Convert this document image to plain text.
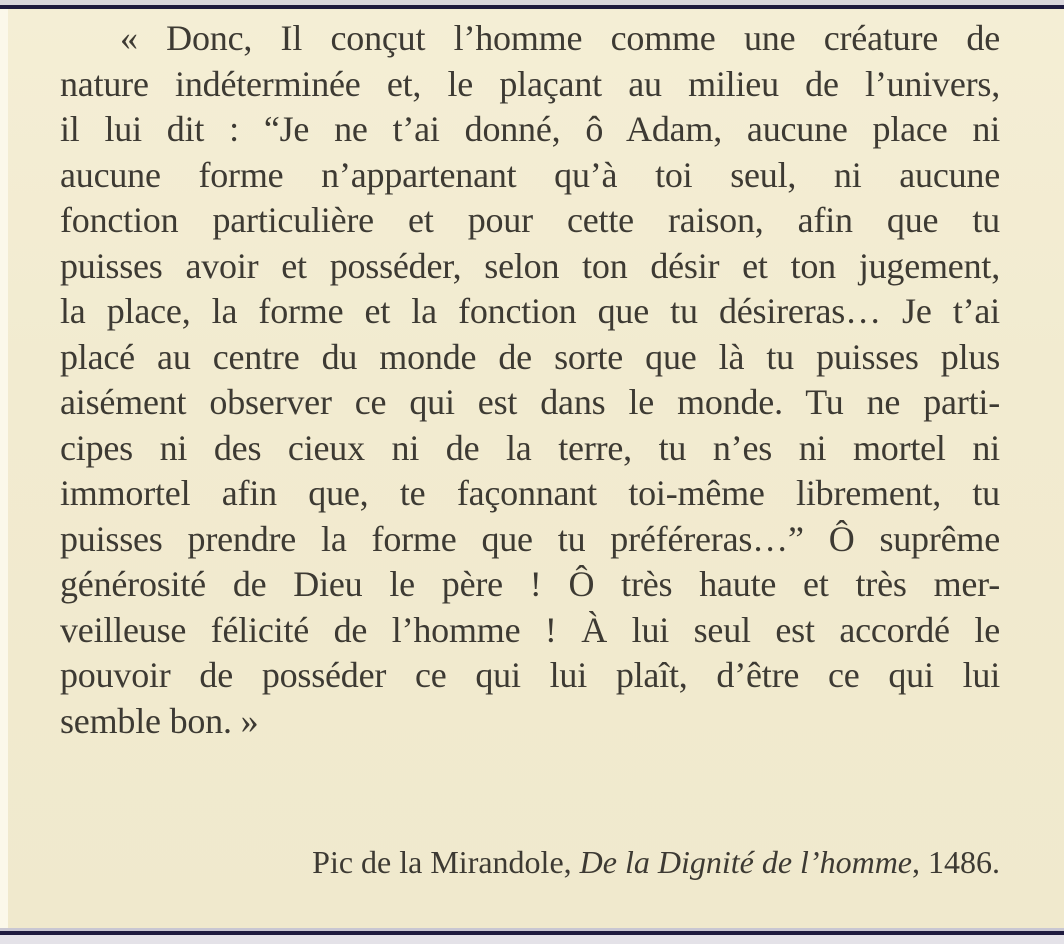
« Donc, Il conçut l’homme comme une créature de
nature indéterminée et, le plaçant au milieu de l’univers,
il lui dit : “Je ne t’ai donné, ô Adam, aucune place ni
aucune forme n’appartenant qu’à toi seul, ni aucune
fonction particulière et pour cette raison, afin que tu
puisses avoir et posséder, selon ton désir et ton jugement,
la place, la forme et la fonction que tu désireras… Je t’ai
placé au centre du monde de sorte que là tu puisses plus
aisément observer ce qui est dans le monde. Tu ne parti-
cipes ni des cieux ni de la terre, tu n’es ni mortel ni
immortel afin que, te façonnant toi-même librement, tu
puisses prendre la forme que tu préféreras…” Ô suprême
générosité de Dieu le père ! Ô très haute et très mer-
veilleuse félicité de l’homme ! À lui seul est accordé le
pouvoir de posséder ce qui lui plaît, d’être ce qui lui
semble bon. »
Pic de la Mirandole, De la Dignité de l’homme, 1486.
